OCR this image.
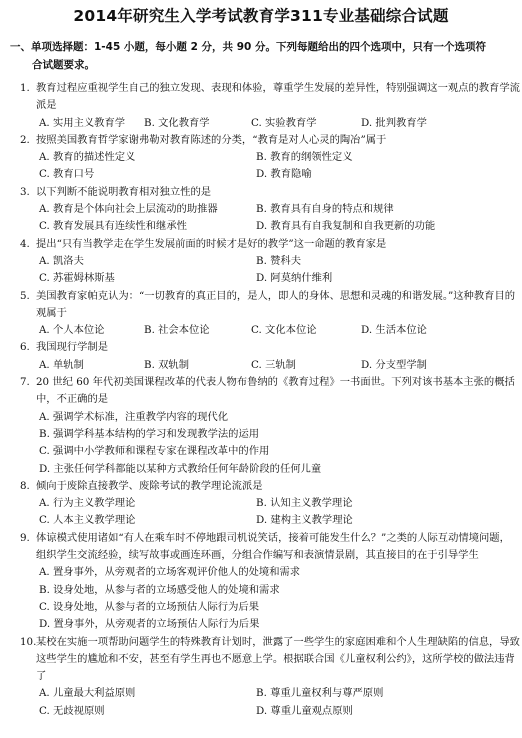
2014年研究生入学考试教育学311专业基础综合试题
一、单项选择题：1-45 小题，每小题 2 分，共 90 分。下列每题给出的四个选项中，只有一个选项符
合试题要求。
1. 教育过程应重视学生自己的独立发现、表现和体验，尊重学生发展的差异性，特别强调这一观点的教育学流派是
A. 实用主义教育学	B. 文化教育学	C. 实验教育学	D. 批判教育学
2. 按照美国教育哲学家谢弗勒对教育陈述的分类，“教育是对人心灵的陶冶”属于
A. 教育的描述性定义	B. 教育的纲领性定义
C. 教育口号	D. 教育隐喻
3. 以下判断不能说明教育相对独立性的是
A. 教育是个体向社会上层流动的助推器	B. 教育具有自身的特点和规律
C. 教育发展具有连续性和继承性	D. 教育具有自我复制和自我更新的功能
4. 提出“只有当教学走在学生发展前面的时候才是好的教学”这一命题的教育家是
A. 凯洛夫	B. 赞科夫
C. 苏霍姆林斯基	D. 阿莫纳什维利
5. 美国教育家帕克认为：“一切教育的真正目的，是人，即人的身体、思想和灵魂的和谐发展。”这种教育目的观属于
A. 个人本位论	B. 社会本位论	C. 文化本位论	D. 生活本位论
6. 我国现行学制是
A. 单轨制	B. 双轨制	C. 三轨制	D. 分支型学制
7. 20 世纪 60 年代初美国课程改革的代表人物布鲁纳的《教育过程》一书面世。下列对该书基本主张的概括中，不正确的是
A. 强调学术标准，注重教学内容的现代化
B. 强调学科基本结构的学习和发现教学法的运用
C. 强调中小学教师和课程专家在课程改革中的作用
D. 主张任何学科都能以某种方式教给任何年龄阶段的任何儿童
8. 倾向于废除直接教学、废除考试的教学理论流派是
A. 行为主义教学理论	B. 认知主义教学理论
C. 人本主义教学理论	D. 建构主义教学理论
9. 体谅模式使用诸如“有人在乘车时不停地跟司机说笑话，接着可能发生什么？”之类的人际互动情境问题，组织学生交流经验，续写故事或画连环画，分组合作编写和表演情景剧，其直接目的在于引导学生
A. 置身事外，从旁观者的立场客观评价他人的处境和需求
B. 设身处地，从参与者的立场感受他人的处境和需求
C. 设身处地，从参与者的立场预估人际行为后果
D. 置身事外，从旁观者的立场预估人际行为后果
10.某校在实施一项帮助问题学生的特殊教育计划时，泄露了一些学生的家庭困难和个人生理缺陷的信息，导致这些学生的尴尬和不安，甚至有学生再也不愿意上学。根据联合国《儿童权利公约》，这所学校的做法违背了
A. 儿童最大利益原则	B. 尊重儿童权利与尊严原则
C. 无歧视原则	D. 尊重儿童观点原则
